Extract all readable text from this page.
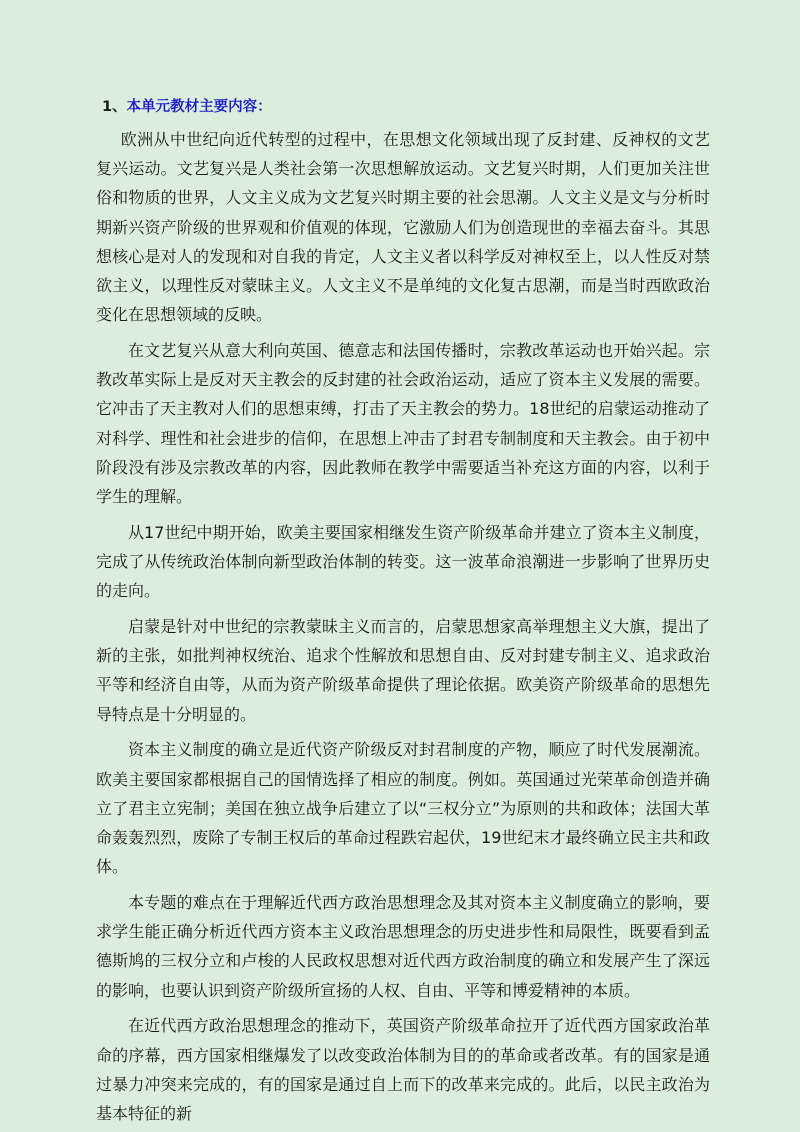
1、本单元教材主要内容：

欧洲从中世纪向近代转型的过程中，在思想文化领域出现了反封建、反神权的文艺复兴运动。文艺复兴是人类社会第一次思想解放运动。文艺复兴时期，人们更加关注世俗和物质的世界，人文主义成为文艺复兴时期主要的社会思潮。人文主义是文与分析时期新兴资产阶级的世界观和价值观的体现，它激励人们为创造现世的幸福去奋斗。其思想核心是对人的发现和对自我的肯定，人文主义者以科学反对神权至上，以人性反对禁欲主义，以理性反对蒙昧主义。人文主义不是单纯的文化复古思潮，而是当时西欧政治变化在思想领域的反映。

在文艺复兴从意大利向英国、德意志和法国传播时，宗教改革运动也开始兴起。宗教改革实际上是反对天主教会的反封建的社会政治运动，适应了资本主义发展的需要。它冲击了天主教对人们的思想束缚，打击了天主教会的势力。18世纪的启蒙运动推动了对科学、理性和社会进步的信仰，在思想上冲击了封君专制制度和天主教会。由于初中阶段没有涉及宗教改革的内容，因此教师在教学中需要适当补充这方面的内容，以利于学生的理解。

从17世纪中期开始，欧美主要国家相继发生资产阶级革命并建立了资本主义制度，完成了从传统政治体制向新型政治体制的转变。这一波革命浪潮进一步影响了世界历史的走向。

启蒙是针对中世纪的宗教蒙昧主义而言的，启蒙思想家高举理想主义大旗，提出了新的主张，如批判神权统治、追求个性解放和思想自由、反对封建专制主义、追求政治平等和经济自由等，从而为资产阶级革命提供了理论依据。欧美资产阶级革命的思想先导特点是十分明显的。

资本主义制度的确立是近代资产阶级反对封君制度的产物，顺应了时代发展潮流。欧美主要国家都根据自己的国情选择了相应的制度。例如。英国通过光荣革命创造并确立了君主立宪制；美国在独立战争后建立了以“三权分立”为原则的共和政体；法国大革命轰轰烈烈，废除了专制王权后的革命过程跌宕起伏，19世纪末才最终确立民主共和政体。

本专题的难点在于理解近代西方政治思想理念及其对资本主义制度确立的影响，要求学生能正确分析近代西方资本主义政治思想理念的历史进步性和局限性，既要看到孟德斯鸠的三权分立和卢梭的人民政权思想对近代西方政治制度的确立和发展产生了深远的影响，也要认识到资产阶级所宣扬的人权、自由、平等和博爱精神的本质。

在近代西方政治思想理念的推动下，英国资产阶级革命拉开了近代西方国家政治革命的序幕，西方国家相继爆发了以改变政治体制为目的的革命或者改革。有的国家是通过暴力冲突来完成的，有的国家是通过自上而下的改革来完成的。此后，以民主政治为基本特征的新
